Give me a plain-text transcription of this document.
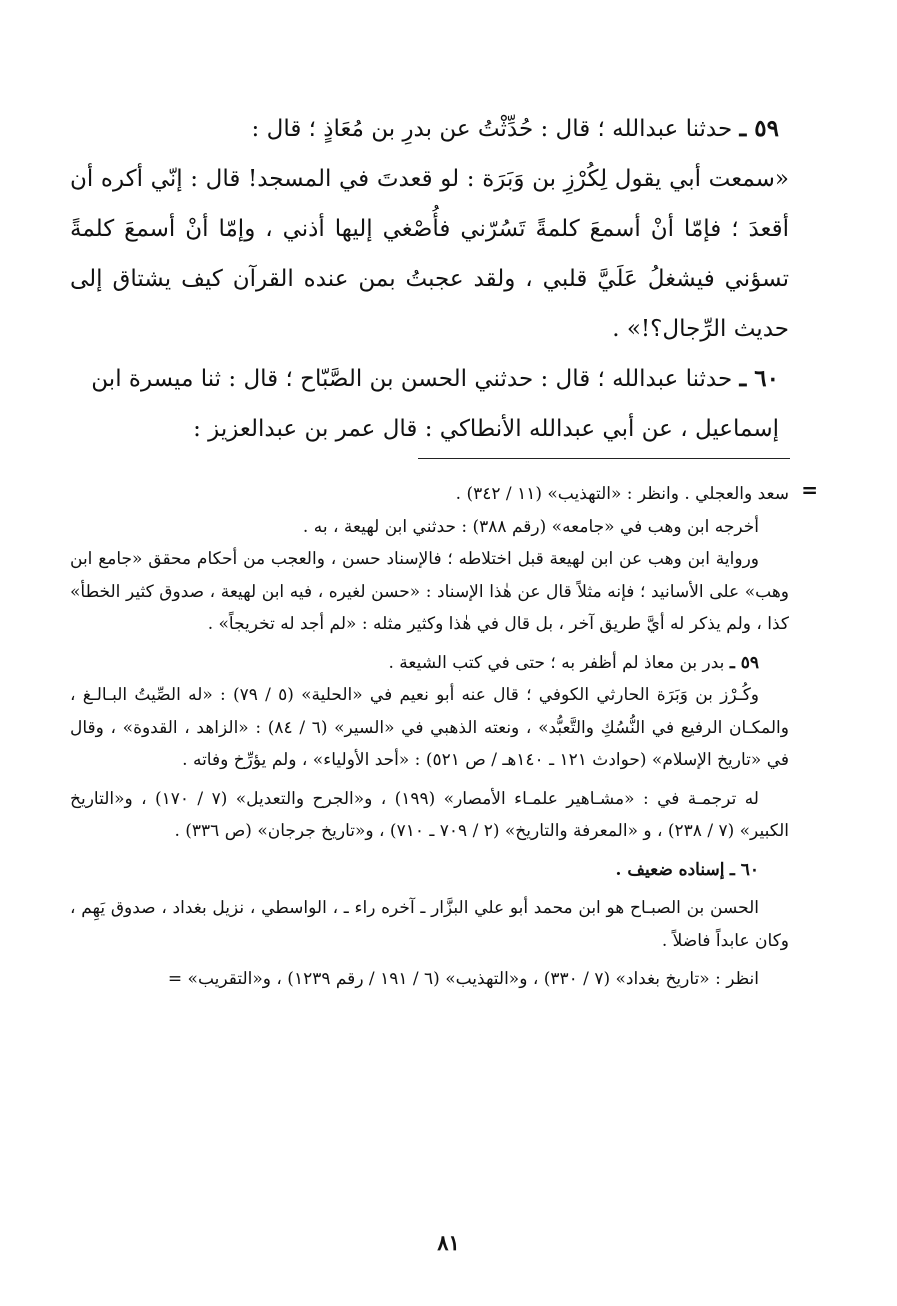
٥٩ ـ حدثنا عبدالله ؛ قال : حُدِّثْتُ عن بدرِ بن مُعَاذٍ ؛ قال :

«سمعت أبي يقول لِكُرْزِ بن وَبَرَة : لو قعدتَ في المسجد! قال : إنّي أكره أن أقعدَ ؛ فإمّا أنْ أسمعَ كلمةً تَسُرّني فأُصْغي إليها أذني ، وإمّا أنْ أسمعَ كلمةً تسؤني فيشغلُ عَلَيَّ قلبي ، ولقد عجبتُ بمن عنده القرآن كيف يشتاق إلى حديث الرِّجال؟!» .

٦٠ ـ حدثنا عبدالله ؛ قال : حدثني الحسن بن الصَّبّاح ؛ قال : ثنا ميسرة ابن إسماعيل ، عن أبي عبدالله الأنطاكي : قال عمر بن عبدالعزيز :

=

سعد والعجلي . وانظر : «التهذيب» (١١ / ٣٤٢) .

أخرجه ابن وهب في «جامعه» (رقم ٣٨٨) : حدثني ابن لهيعة ، به .

ورواية ابن وهب عن ابن لهيعة قبل اختلاطه ؛ فالإسناد حسن ، والعجب من أحكام محقق «جامع ابن وهب» على الأسانيد ؛ فإنه مثلاً قال عن هٰذا الإسناد : «حسن لغيره ، فيه ابن لهيعة ، صدوق كثير الخطأ» كذا ، ولم يذكر له أيَّ طريق آخر ، بل قال في هٰذا وكثير مثله : «لم أجد له تخريجاً» .

٥٩ ـ بدر بن معاذ لم أظفر به ؛ حتى في كتب الشيعة .

وكُـرْز بن وَبَرَة الحارثي الكوفي ؛ قال عنه أبو نعيم في «الحلية» (٥ / ٧٩) : «له الصِّيتُ البـالـغ ، والمكـان الرفيع في النُّسُكِ والتَّعبُّد» ، ونعته الذهبي في «السير» (٦ / ٨٤) : «الزاهد ، القدوة» ، وقال في «تاريخ الإسلام» (حوادث ١٢١ ـ ١٤٠هـ / ص ٥٢١) : «أحد الأولياء» ، ولم يؤرِّخ وفاته .

له ترجمـة في : «مشـاهير علمـاء الأمصار» (١٩٩) ، و«الجرح والتعديل» (٧ / ١٧٠) ، و«التاريخ الكبير» (٧ / ٢٣٨) ، و «المعرفة والتاريخ» (٢ / ٧٠٩ ـ ٧١٠) ، و«تاريخ جرجان» (ص ٣٣٦) .

٦٠ ـ إسناده ضعيف .

الحسن بن الصبـاح هو ابن محمد أبو علي البزَّار ـ آخره راء ـ ، الواسطي ، نزيل بغداد ، صدوق يَهِم ، وكان عابداً فاضلاً .

انظر : «تاريخ بغداد» (٧ / ٣٣٠) ، و«التهذيب» (٦ / ١٩١ / رقم ١٢٣٩) ، و«التقريب» =

٨١
